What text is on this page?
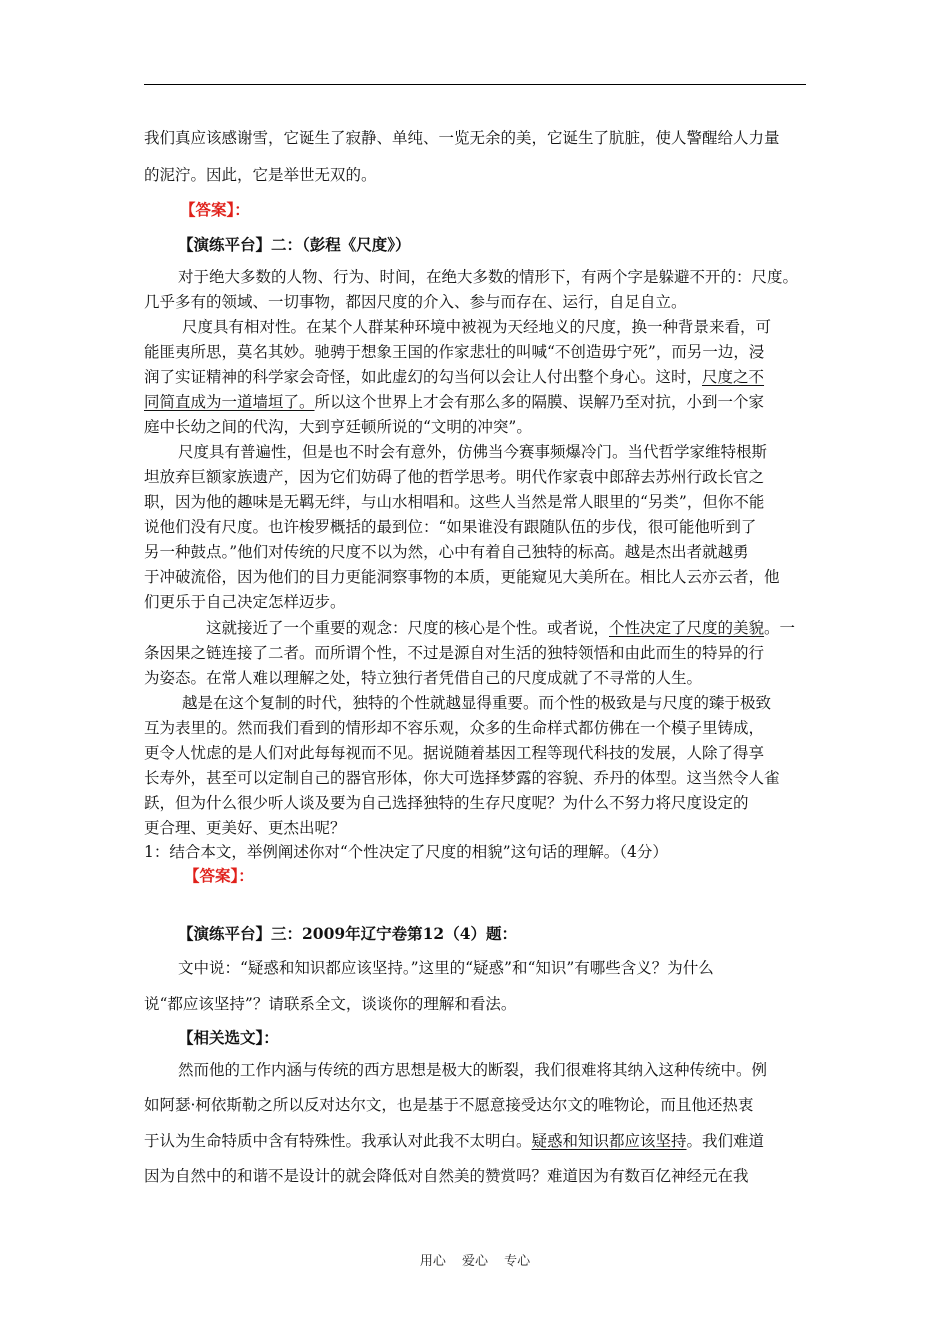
我们真应该感谢雪，它诞生了寂静、单纯、一览无余的美，它诞生了肮脏，使人警醒给人力量
的泥泞。因此，它是举世无双的。
【答案】：
【演练平台】二：（彭程《尺度》）
对于绝大多数的人物、行为、时间，在绝大多数的情形下，有两个字是躲避不开的：尺度。
几乎多有的领域、一切事物，都因尺度的介入、参与而存在、运行，自足自立。
尺度具有相对性。在某个人群某种环境中被视为天经地义的尺度，换一种背景来看，可
能匪夷所思，莫名其妙。驰骋于想象王国的作家悲壮的叫喊“不创造毋宁死”，而另一边，浸
润了实证精神的科学家会奇怪，如此虚幻的勾当何以会让人付出整个身心。这时，尺度之不
同简直成为一道墙垣了。所以这个世界上才会有那么多的隔膜、误解乃至对抗，小到一个家
庭中长幼之间的代沟，大到亨廷顿所说的“文明的冲突”。
尺度具有普遍性，但是也不时会有意外，仿佛当今赛事频爆冷门。当代哲学家维特根斯
坦放弃巨额家族遗产，因为它们妨碍了他的哲学思考。明代作家袁中郎辞去苏州行政长官之
职，因为他的趣味是无羁无绊，与山水相唱和。这些人当然是常人眼里的“另类”，但你不能
说他们没有尺度。也许梭罗概括的最到位：“如果谁没有跟随队伍的步伐，很可能他听到了
另一种鼓点。”他们对传统的尺度不以为然，心中有着自己独特的标高。越是杰出者就越勇
于冲破流俗，因为他们的目力更能洞察事物的本质，更能窥见大美所在。相比人云亦云者，他
们更乐于自己决定怎样迈步。
这就接近了一个重要的观念：尺度的核心是个性。或者说，个性决定了尺度的美貌。一
条因果之链连接了二者。而所谓个性，不过是源自对生活的独特领悟和由此而生的特异的行
为姿态。在常人难以理解之处，特立独行者凭借自己的尺度成就了不寻常的人生。
越是在这个复制的时代，独特的个性就越显得重要。而个性的极致是与尺度的臻于极致
互为表里的。然而我们看到的情形却不容乐观，众多的生命样式都仿佛在一个模子里铸成，
更令人忧虑的是人们对此每每视而不见。据说随着基因工程等现代科技的发展，人除了得享
长寿外，甚至可以定制自己的器官形体，你大可选择梦露的容貌、乔丹的体型。这当然令人雀
跃，但为什么很少听人谈及要为自己选择独特的生存尺度呢？为什么不努力将尺度设定的
更合理、更美好、更杰出呢？
1：结合本文，举例阐述你对“个性决定了尺度的相貌”这句话的理解。（4分）
【答案】：
【演练平台】三：2009年辽宁卷第12（4）题：
文中说：“疑惑和知识都应该坚持。”这里的“疑惑”和“知识”有哪些含义？为什么
说“都应该坚持”？请联系全文，谈谈你的理解和看法。
【相关选文】：
然而他的工作内涵与传统的西方思想是极大的断裂，我们很难将其纳入这种传统中。例
如阿瑟·柯依斯勒之所以反对达尔文，也是基于不愿意接受达尔文的唯物论，而且他还热衷
于认为生命特质中含有特殊性。我承认对此我不太明白。疑惑和知识都应该坚持。我们难道
因为自然中的和谐不是设计的就会降低对自然美的赞赏吗？难道因为有数百亿神经元在我
用心 爱心 专心
